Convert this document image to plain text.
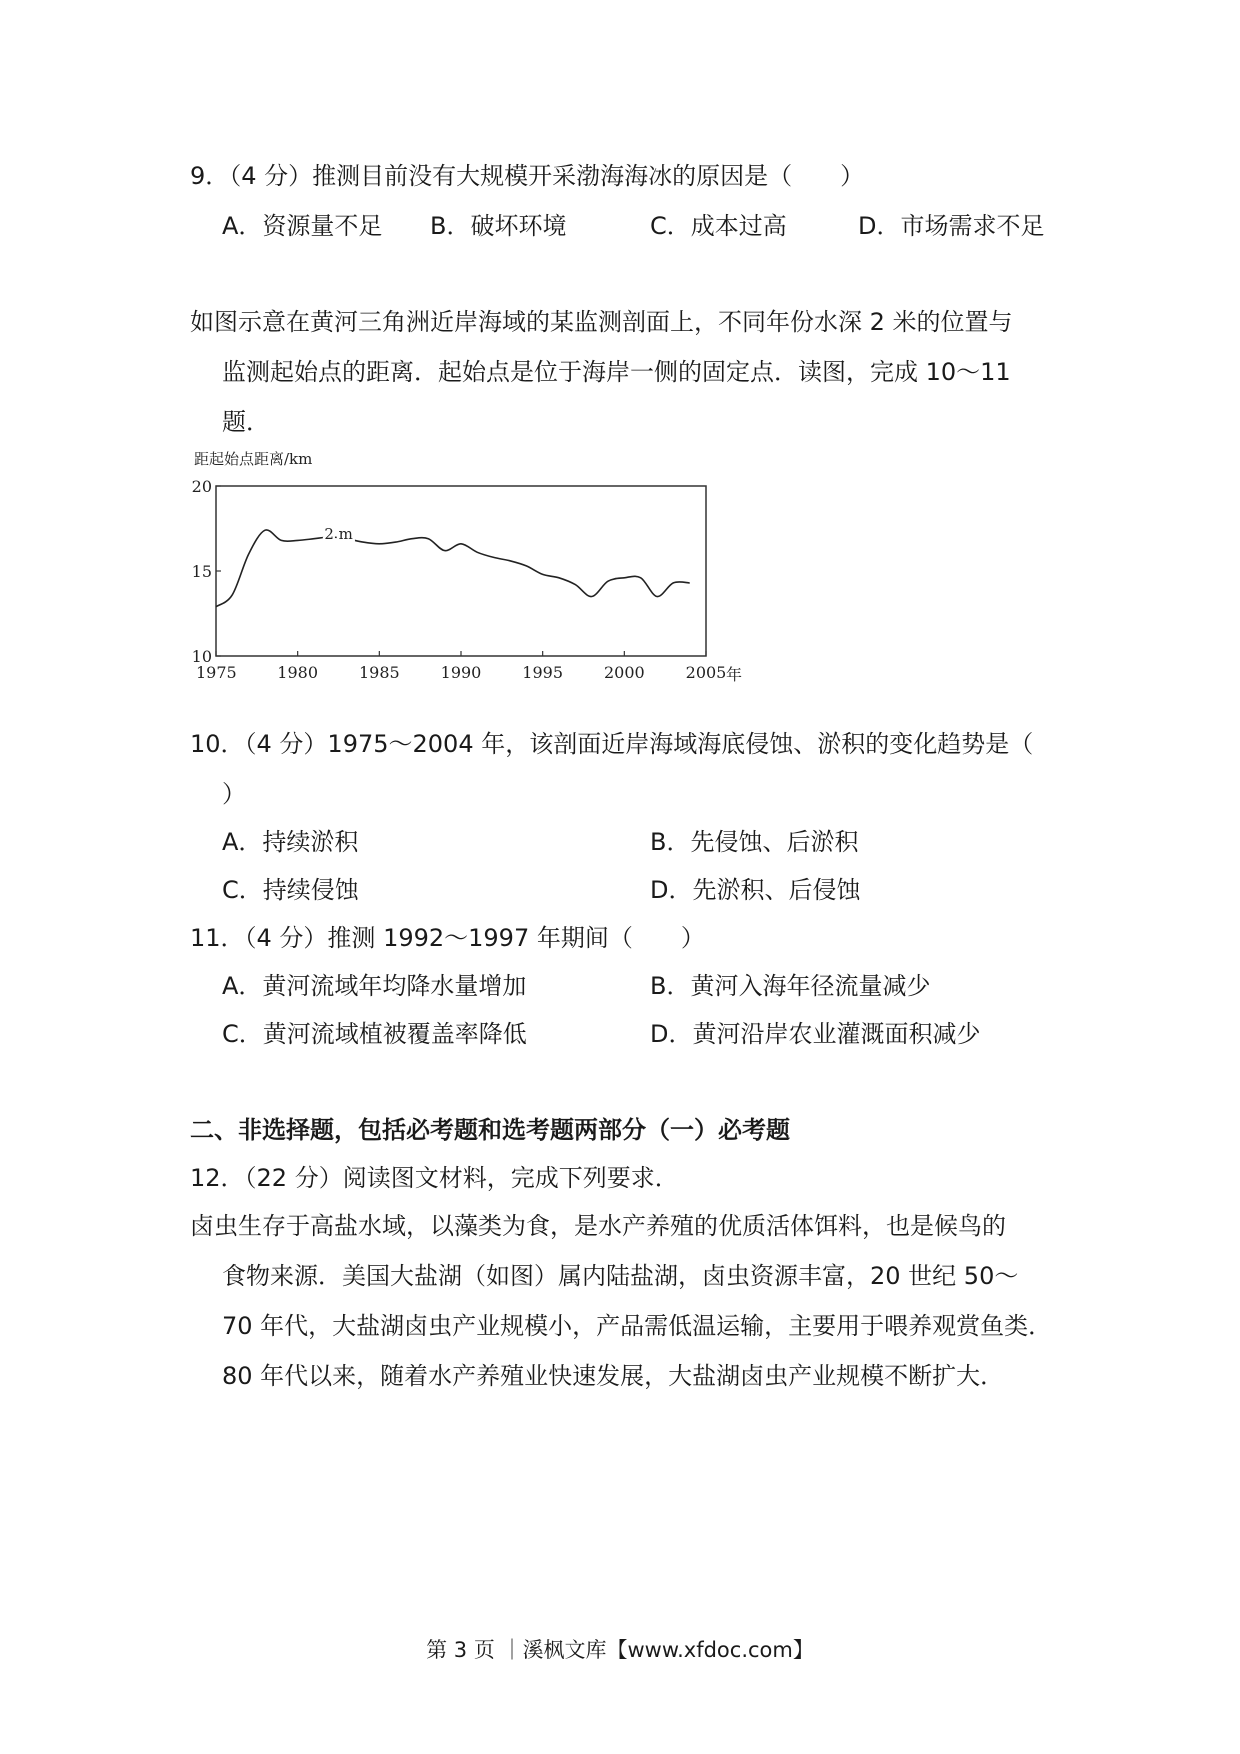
9．（4 分）推测目前没有大规模开采渤海海冰的原因是（　　）
A．资源量不足 B．破坏环境	C．成本过高	D．市场需求不足
如图示意在黄河三角洲近岸海域的某监测剖面上，不同年份水深 2 米的位置与
监测起始点的距离．起始点是位于海岸一侧的固定点．读图，完成 10～11
题．
距起始点距离/km
1975	1980	1985	1990	1995	2000	2005
10
15
20
2 m
年
10．（4 分）1975～2004 年，该剖面近岸海域海底侵蚀、淤积的变化趋势是（
）
A．持续淤积	B．先侵蚀、后淤积
C．持续侵蚀	D．先淤积、后侵蚀
11．（4 分）推测 1992～1997 年期间（　　）
A．黄河流域年均降水量增加	B．黄河入海年径流量减少
C．黄河流域植被覆盖率降低	D．黄河沿岸农业灌溉面积减少
二、非选择题，包括必考题和选考题两部分（一）必考题
12．（22 分）阅读图文材料，完成下列要求．
卤虫生存于高盐水域，以藻类为食，是水产养殖的优质活体饵料，也是候鸟的
食物来源．美国大盐湖（如图）属内陆盐湖，卤虫资源丰富，20 世纪 50～
70 年代，大盐湖卤虫产业规模小，产品需低温运输，主要用于喂养观赏鱼类．
80 年代以来，随着水产养殖业快速发展，大盐湖卤虫产业规模不断扩大．
第 3 页 ｜溪枫文库【www.xfdoc.com】
